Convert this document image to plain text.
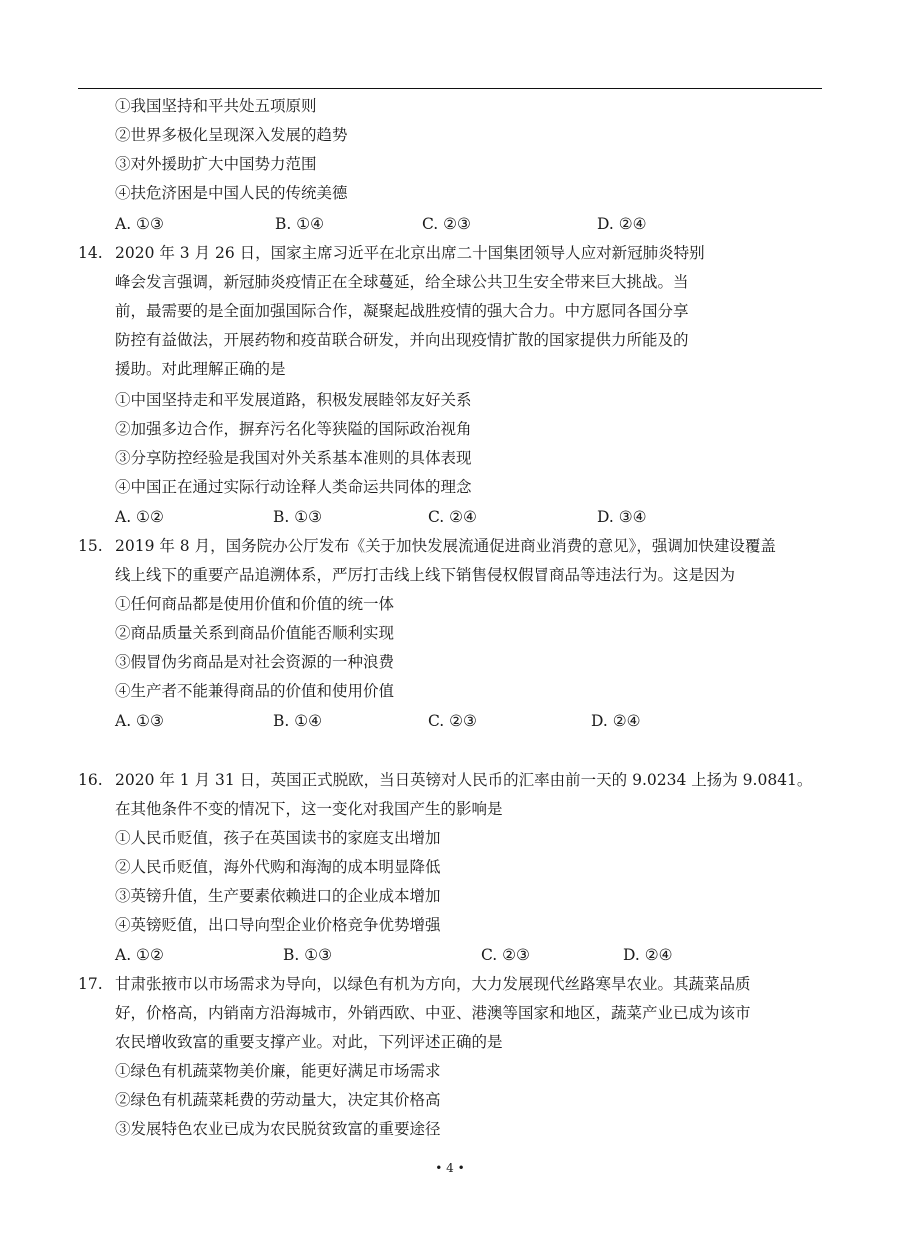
①我国坚持和平共处五项原则
②世界多极化呈现深入发展的趋势
③对外援助扩大中国势力范围
④扶危济困是中国人民的传统美德
A. ①③	B. ①④	C. ②③	D. ②④
14. 2020 年 3 月 26 日，国家主席习近平在北京出席二十国集团领导人应对新冠肺炎特别
峰会发言强调，新冠肺炎疫情正在全球蔓延，给全球公共卫生安全带来巨大挑战。当
前，最需要的是全面加强国际合作，凝聚起战胜疫情的强大合力。中方愿同各国分享
防控有益做法，开展药物和疫苗联合研发，并向出现疫情扩散的国家提供力所能及的
援助。对此理解正确的是
①中国坚持走和平发展道路，积极发展睦邻友好关系
②加强多边合作，摒弃污名化等狭隘的国际政治视角
③分享防控经验是我国对外关系基本准则的具体表现
④中国正在通过实际行动诠释人类命运共同体的理念
A. ①②	B. ①③	C. ②④	D. ③④
15. 2019 年 8 月，国务院办公厅发布《关于加快发展流通促进商业消费的意见》，强调加快建设覆盖
线上线下的重要产品追溯体系，严厉打击线上线下销售侵权假冒商品等违法行为。这是因为
①任何商品都是使用价值和价值的统一体
②商品质量关系到商品价值能否顺利实现
③假冒伪劣商品是对社会资源的一种浪费
④生产者不能兼得商品的价值和使用价值
A. ①③	B. ①④	C. ②③	D. ②④
16. 2020 年 1 月 31 日，英国正式脱欧，当日英镑对人民币的汇率由前一天的 9.0234 上扬为 9.0841。
在其他条件不变的情况下，这一变化对我国产生的影响是
①人民币贬值，孩子在英国读书的家庭支出增加
②人民币贬值，海外代购和海淘的成本明显降低
③英镑升值，生产要素依赖进口的企业成本增加
④英镑贬值，出口导向型企业价格竞争优势增强
A. ①②	B. ①③	C. ②③	D. ②④
17. 甘肃张掖市以市场需求为导向，以绿色有机为方向，大力发展现代丝路寒旱农业。其蔬菜品质
好，价格高，内销南方沿海城市，外销西欧、中亚、港澳等国家和地区，蔬菜产业已成为该市
农民增收致富的重要支撑产业。对此，下列评述正确的是
①绿色有机蔬菜物美价廉，能更好满足市场需求
②绿色有机蔬菜耗费的劳动量大，决定其价格高
③发展特色农业已成为农民脱贫致富的重要途径
• 4 •
